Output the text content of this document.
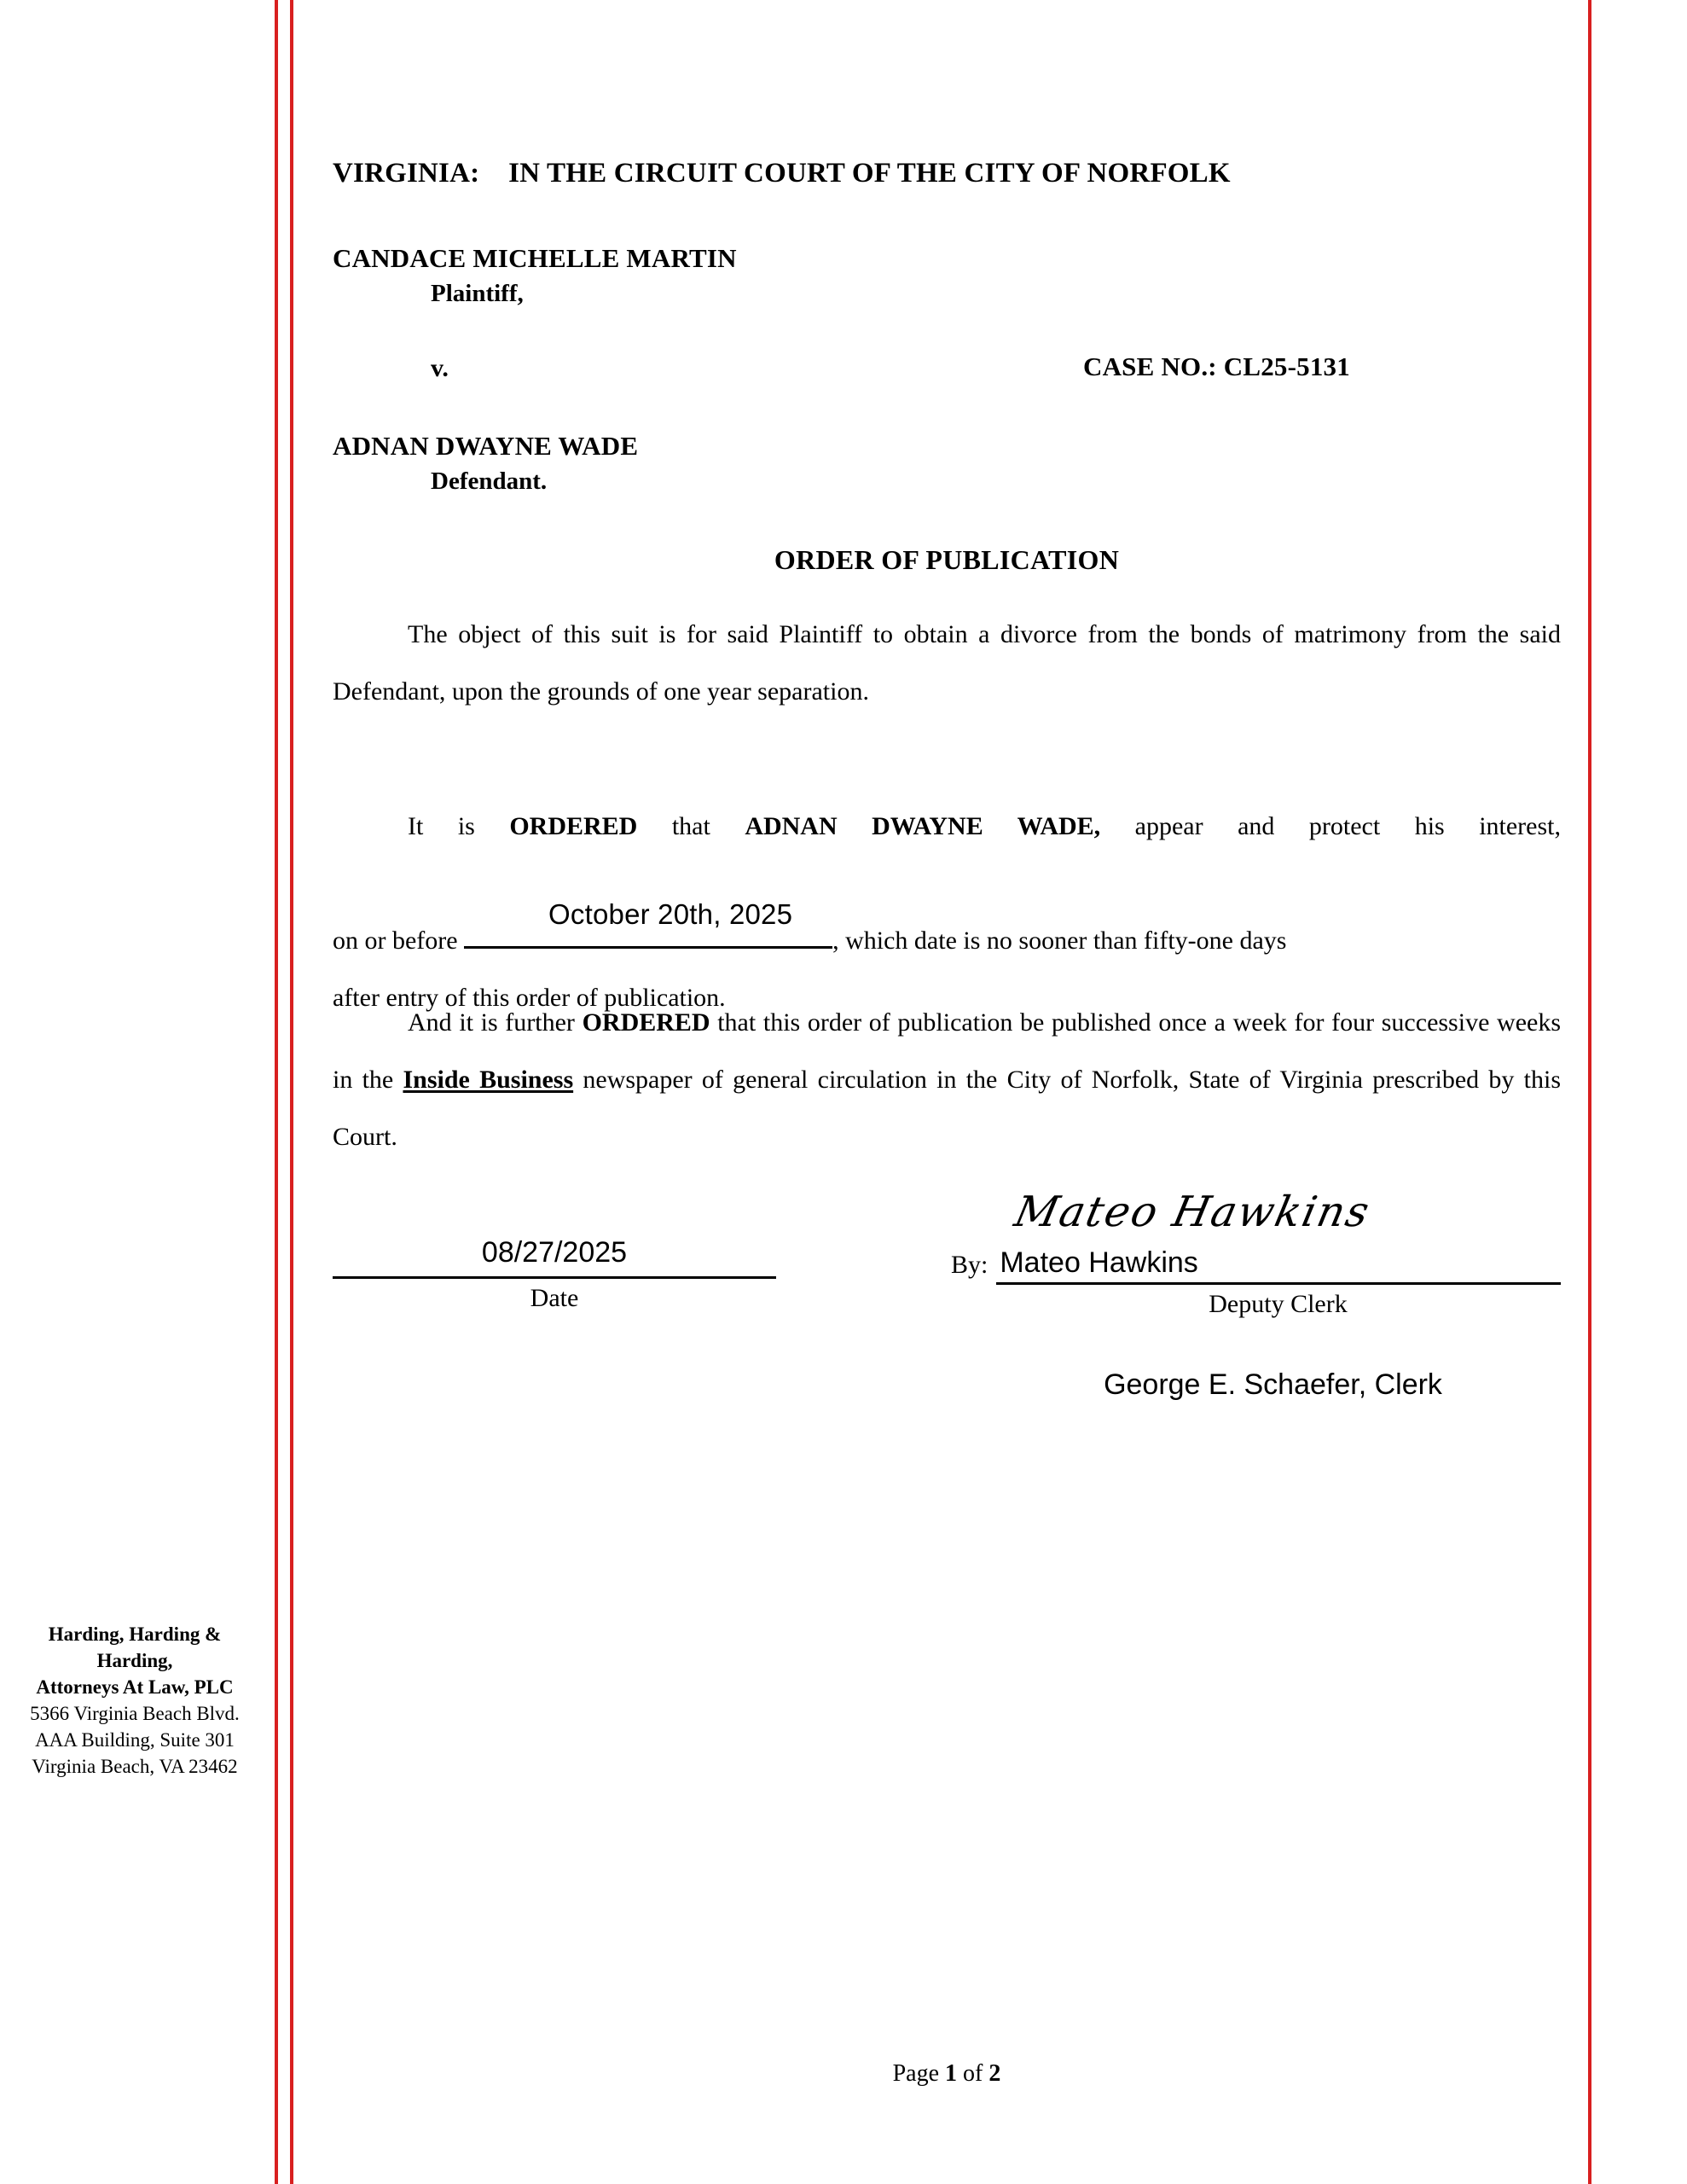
VIRGINIA:    IN THE CIRCUIT COURT OF THE CITY OF NORFOLK
CANDACE MICHELLE MARTIN
Plaintiff,
v.	CASE NO.: CL25-5131
ADNAN DWAYNE WADE
Defendant.
ORDER OF PUBLICATION
The object of this suit is for said Plaintiff to obtain a divorce from the bonds of matrimony from the said Defendant, upon the grounds of one year separation.
It is ORDERED that ADNAN DWAYNE WADE, appear and protect his interest,
on or before
October 20th, 2025
, which date is no sooner than fifty-one days
after entry of this order of publication.
And it is further ORDERED that this order of publication be published once a week for four successive weeks in the Inside Business newspaper of general circulation in the City of Norfolk, State of Virginia prescribed by this Court.
08/27/2025
Date
Mateo Hawkins
By: Mateo Hawkins
Deputy Clerk
George E. Schaefer, Clerk
Page 1 of 2
Harding, Harding &
Harding,
Attorneys At Law, PLC
5366 Virginia Beach Blvd.
AAA Building, Suite 301
Virginia Beach, VA 23462
